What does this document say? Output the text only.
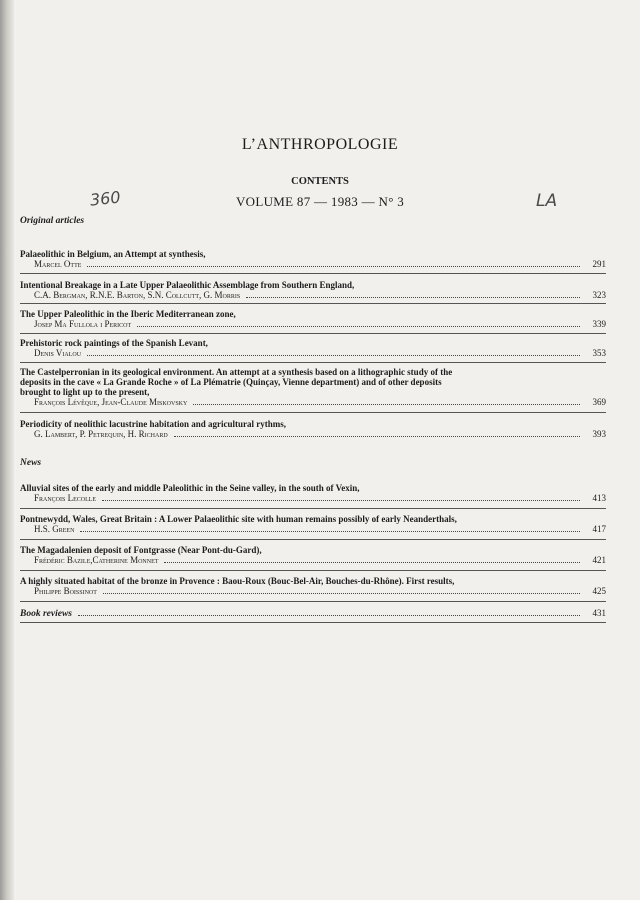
L’ANTHROPOLOGIE
CONTENTS
VOLUME 87 — 1983 — N° 3
360	LA
Original articles
Palaeolithic in Belgium, an Attempt at synthesis,
Marcel Otte	291
Intentional Breakage in a Late Upper Palaeolithic Assemblage from Southern England,
C.A. Bergman, R.N.E. Barton, S.N. Collcutt, G. Morris	323
The Upper Paleolithic in the Iberic Mediterranean zone,
Josep Ma Fullola i Pericot	339
Prehistoric rock paintings of the Spanish Levant,
Denis Vialou	353
The Castelperronian in its geological environment. An attempt at a synthesis based on a lithographic study of the
deposits in the cave « La Grande Roche » of La Plématrie (Quinçay, Vienne department) and of other deposits
brought to light up to the present,
François Lévêque, Jean-Claude Miskovsky	369
Periodicity of neolithic lacustrine habitation and agricultural rythms,
G. Lambert, P. Petrequin, H. Richard	393
News
Alluvial sites of the early and middle Paleolithic in the Seine valley, in the south of Vexin,
François Lecolle	413
Pontnewydd, Wales, Great Britain : A Lower Palaeolithic site with human remains possibly of early Neanderthals,
H.S. Green	417
The Magadalenien deposit of Fontgrasse (Near Pont-du-Gard),
Frédéric Bazile,Catherine Monnet	421
A highly situated habitat of the bronze in Provence : Baou-Roux (Bouc-Bel-Air, Bouches-du-Rhône). First results,
Philippe Boissinot	425
Book reviews	431
